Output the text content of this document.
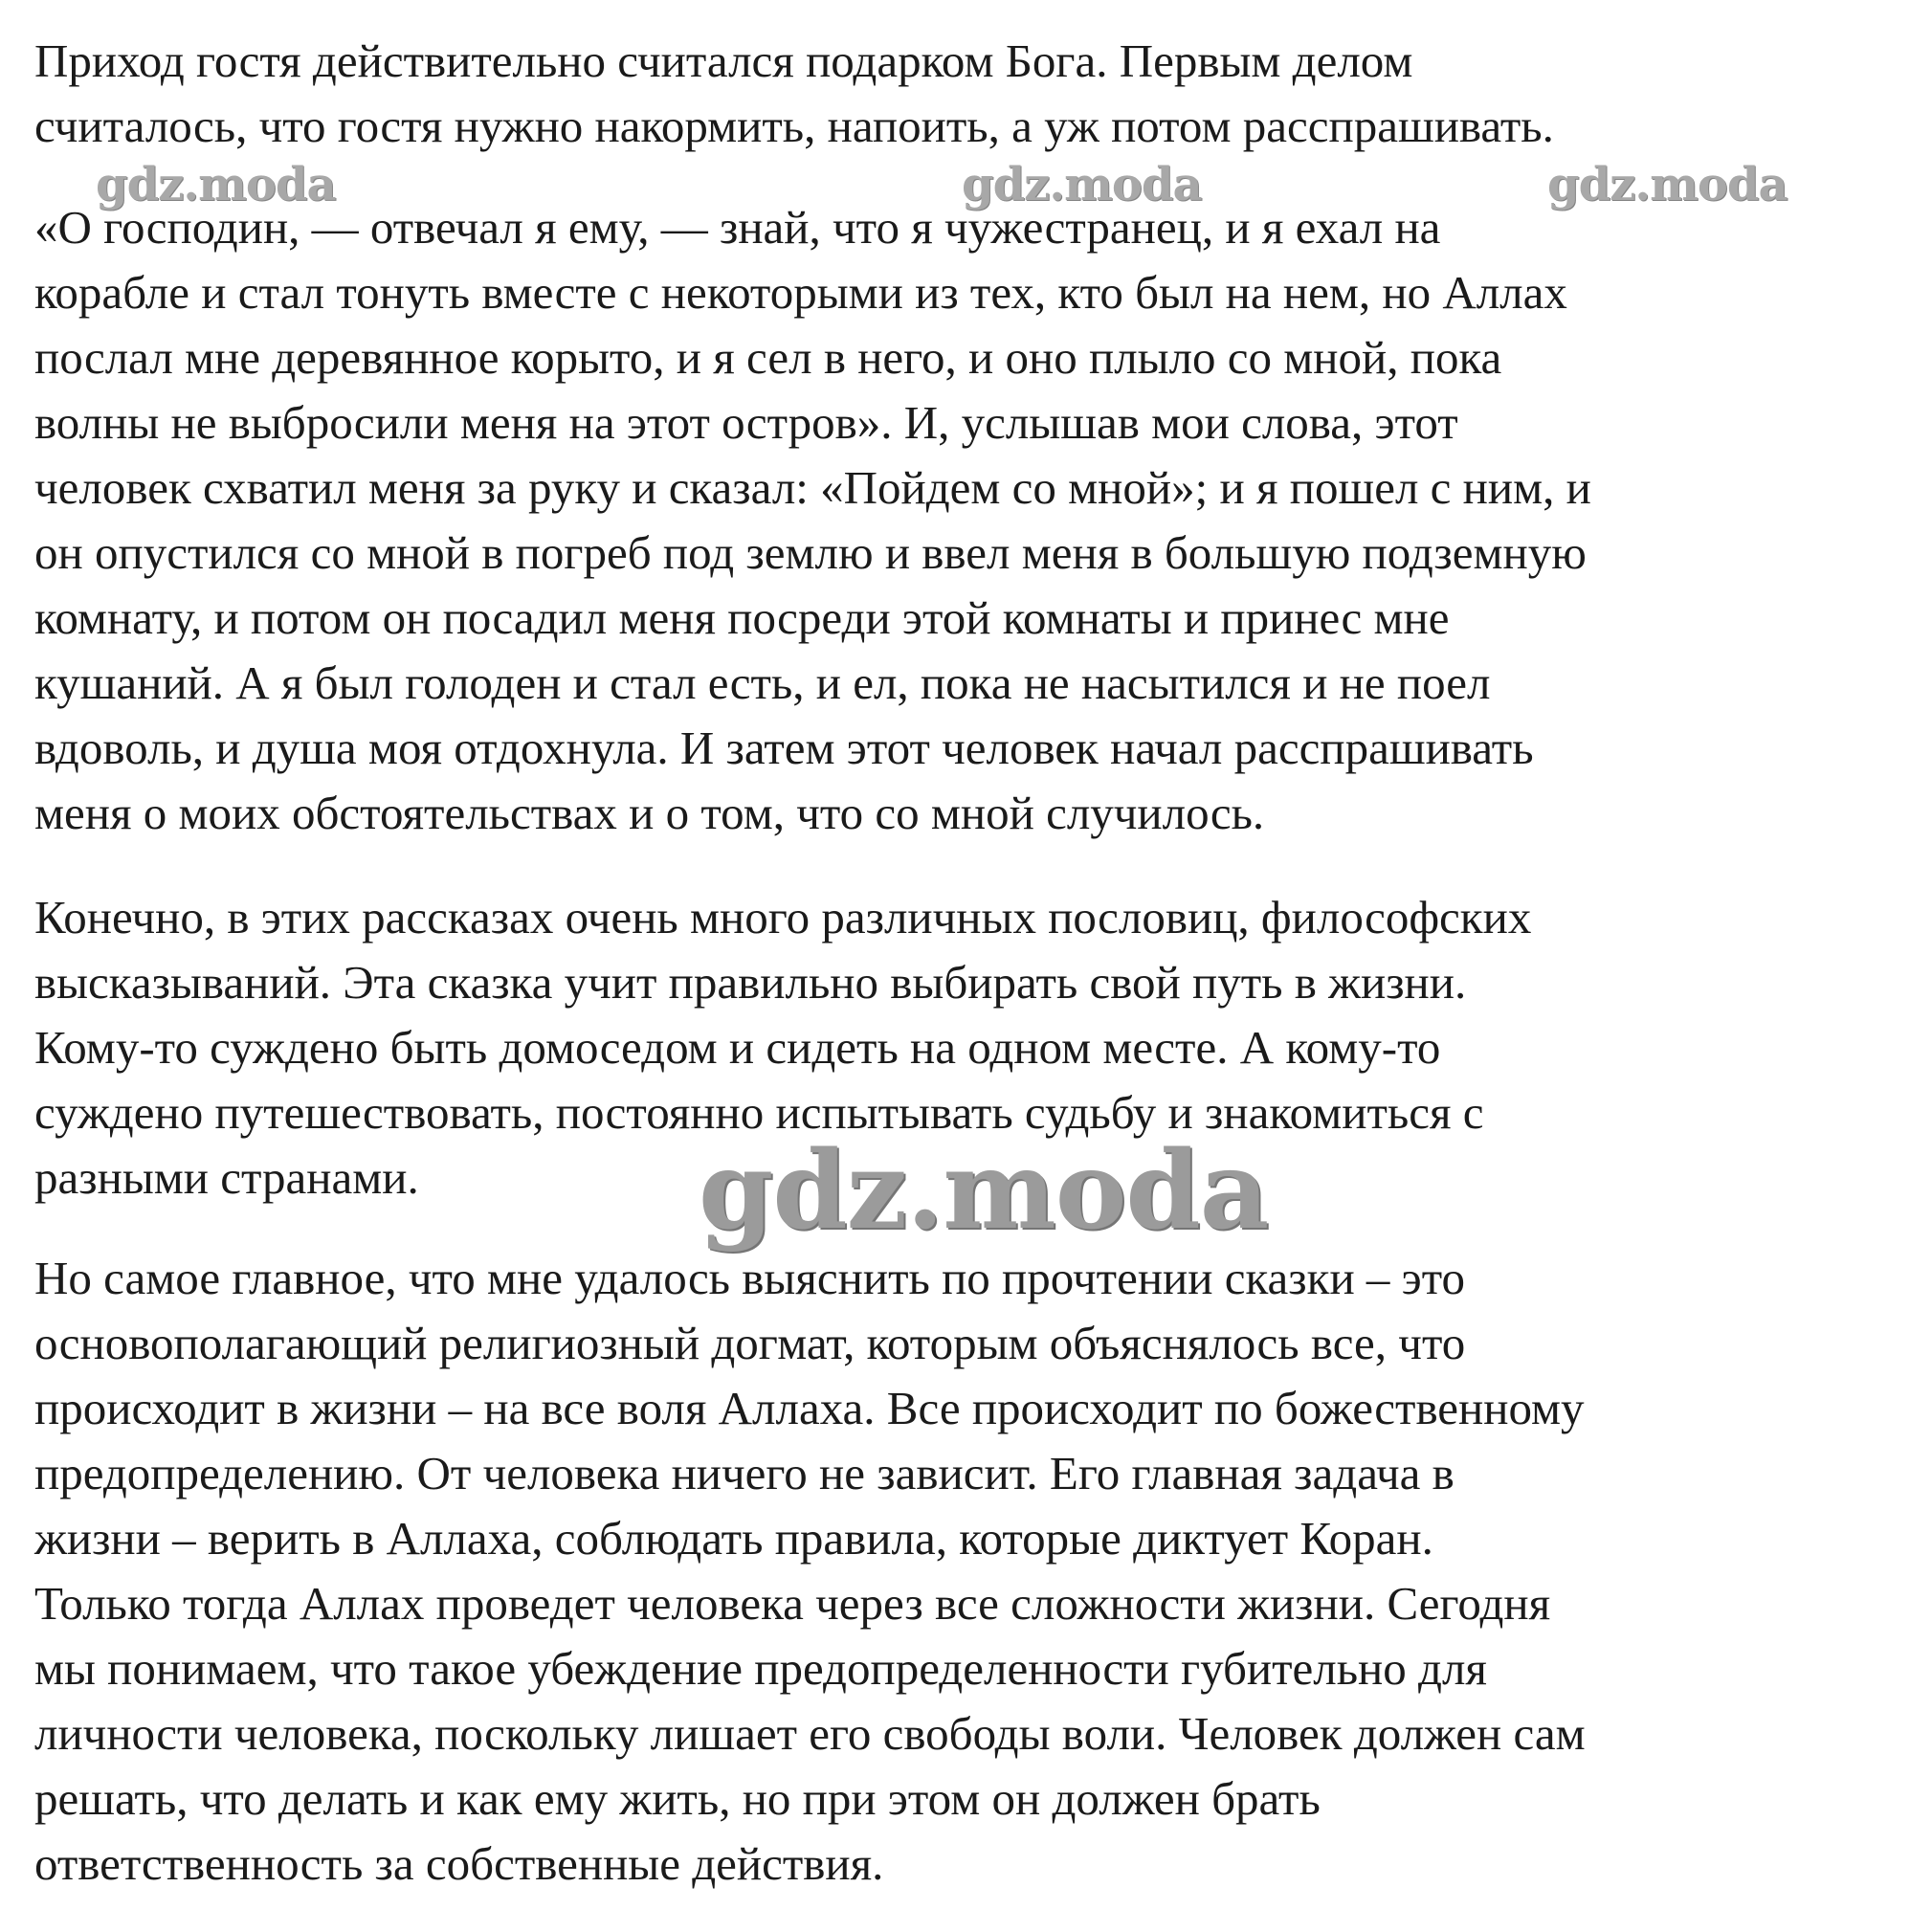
Приход гостя действительно считался подарком Бога. Первым делом
считалось, что гостя нужно накормить, напоить, а уж потом расспрашивать.

«О господин, — отвечал я ему, — знай, что я чужестранец, и я ехал на
корабле и стал тонуть вместе с некоторыми из тех, кто был на нем, но Аллах
послал мне деревянное корыто, и я сел в него, и оно плыло со мной, пока
волны не выбросили меня на этот остров». И, услышав мои слова, этот
человек схватил меня за руку и сказал: «Пойдем со мной»; и я пошел с ним, и
он опустился со мной в погреб под землю и ввел меня в большую подземную
комнату, и потом он посадил меня посреди этой комнаты и принес мне
кушаний. А я был голоден и стал есть, и ел, пока не насытился и не поел
вдоволь, и душа моя отдохнула. И затем этот человек начал расспрашивать
меня о моих обстоятельствах и о том, что со мной случилось.

Конечно, в этих рассказах очень много различных пословиц, философских
высказываний. Эта сказка учит правильно выбирать свой путь в жизни.
Кому-то суждено быть домоседом и сидеть на одном месте. А кому-то
суждено путешествовать, постоянно испытывать судьбу и знакомиться с
разными странами.

Но самое главное, что мне удалось выяснить по прочтении сказки – это
основополагающий религиозный догмат, которым объяснялось все, что
происходит в жизни – на все воля Аллаха. Все происходит по божественному
предопределению. От человека ничего не зависит. Его главная задача в
жизни – верить в Аллаха, соблюдать правила, которые диктует Коран.
Только тогда Аллах проведет человека через все сложности жизни. Сегодня
мы понимаем, что такое убеждение предопределенности губительно для
личности человека, поскольку лишает его свободы воли. Человек должен сам
решать, что делать и как ему жить, но при этом он должен брать
ответственность за собственные действия.

gdz.moda	gdz.moda	gdz.moda
gdz.moda
